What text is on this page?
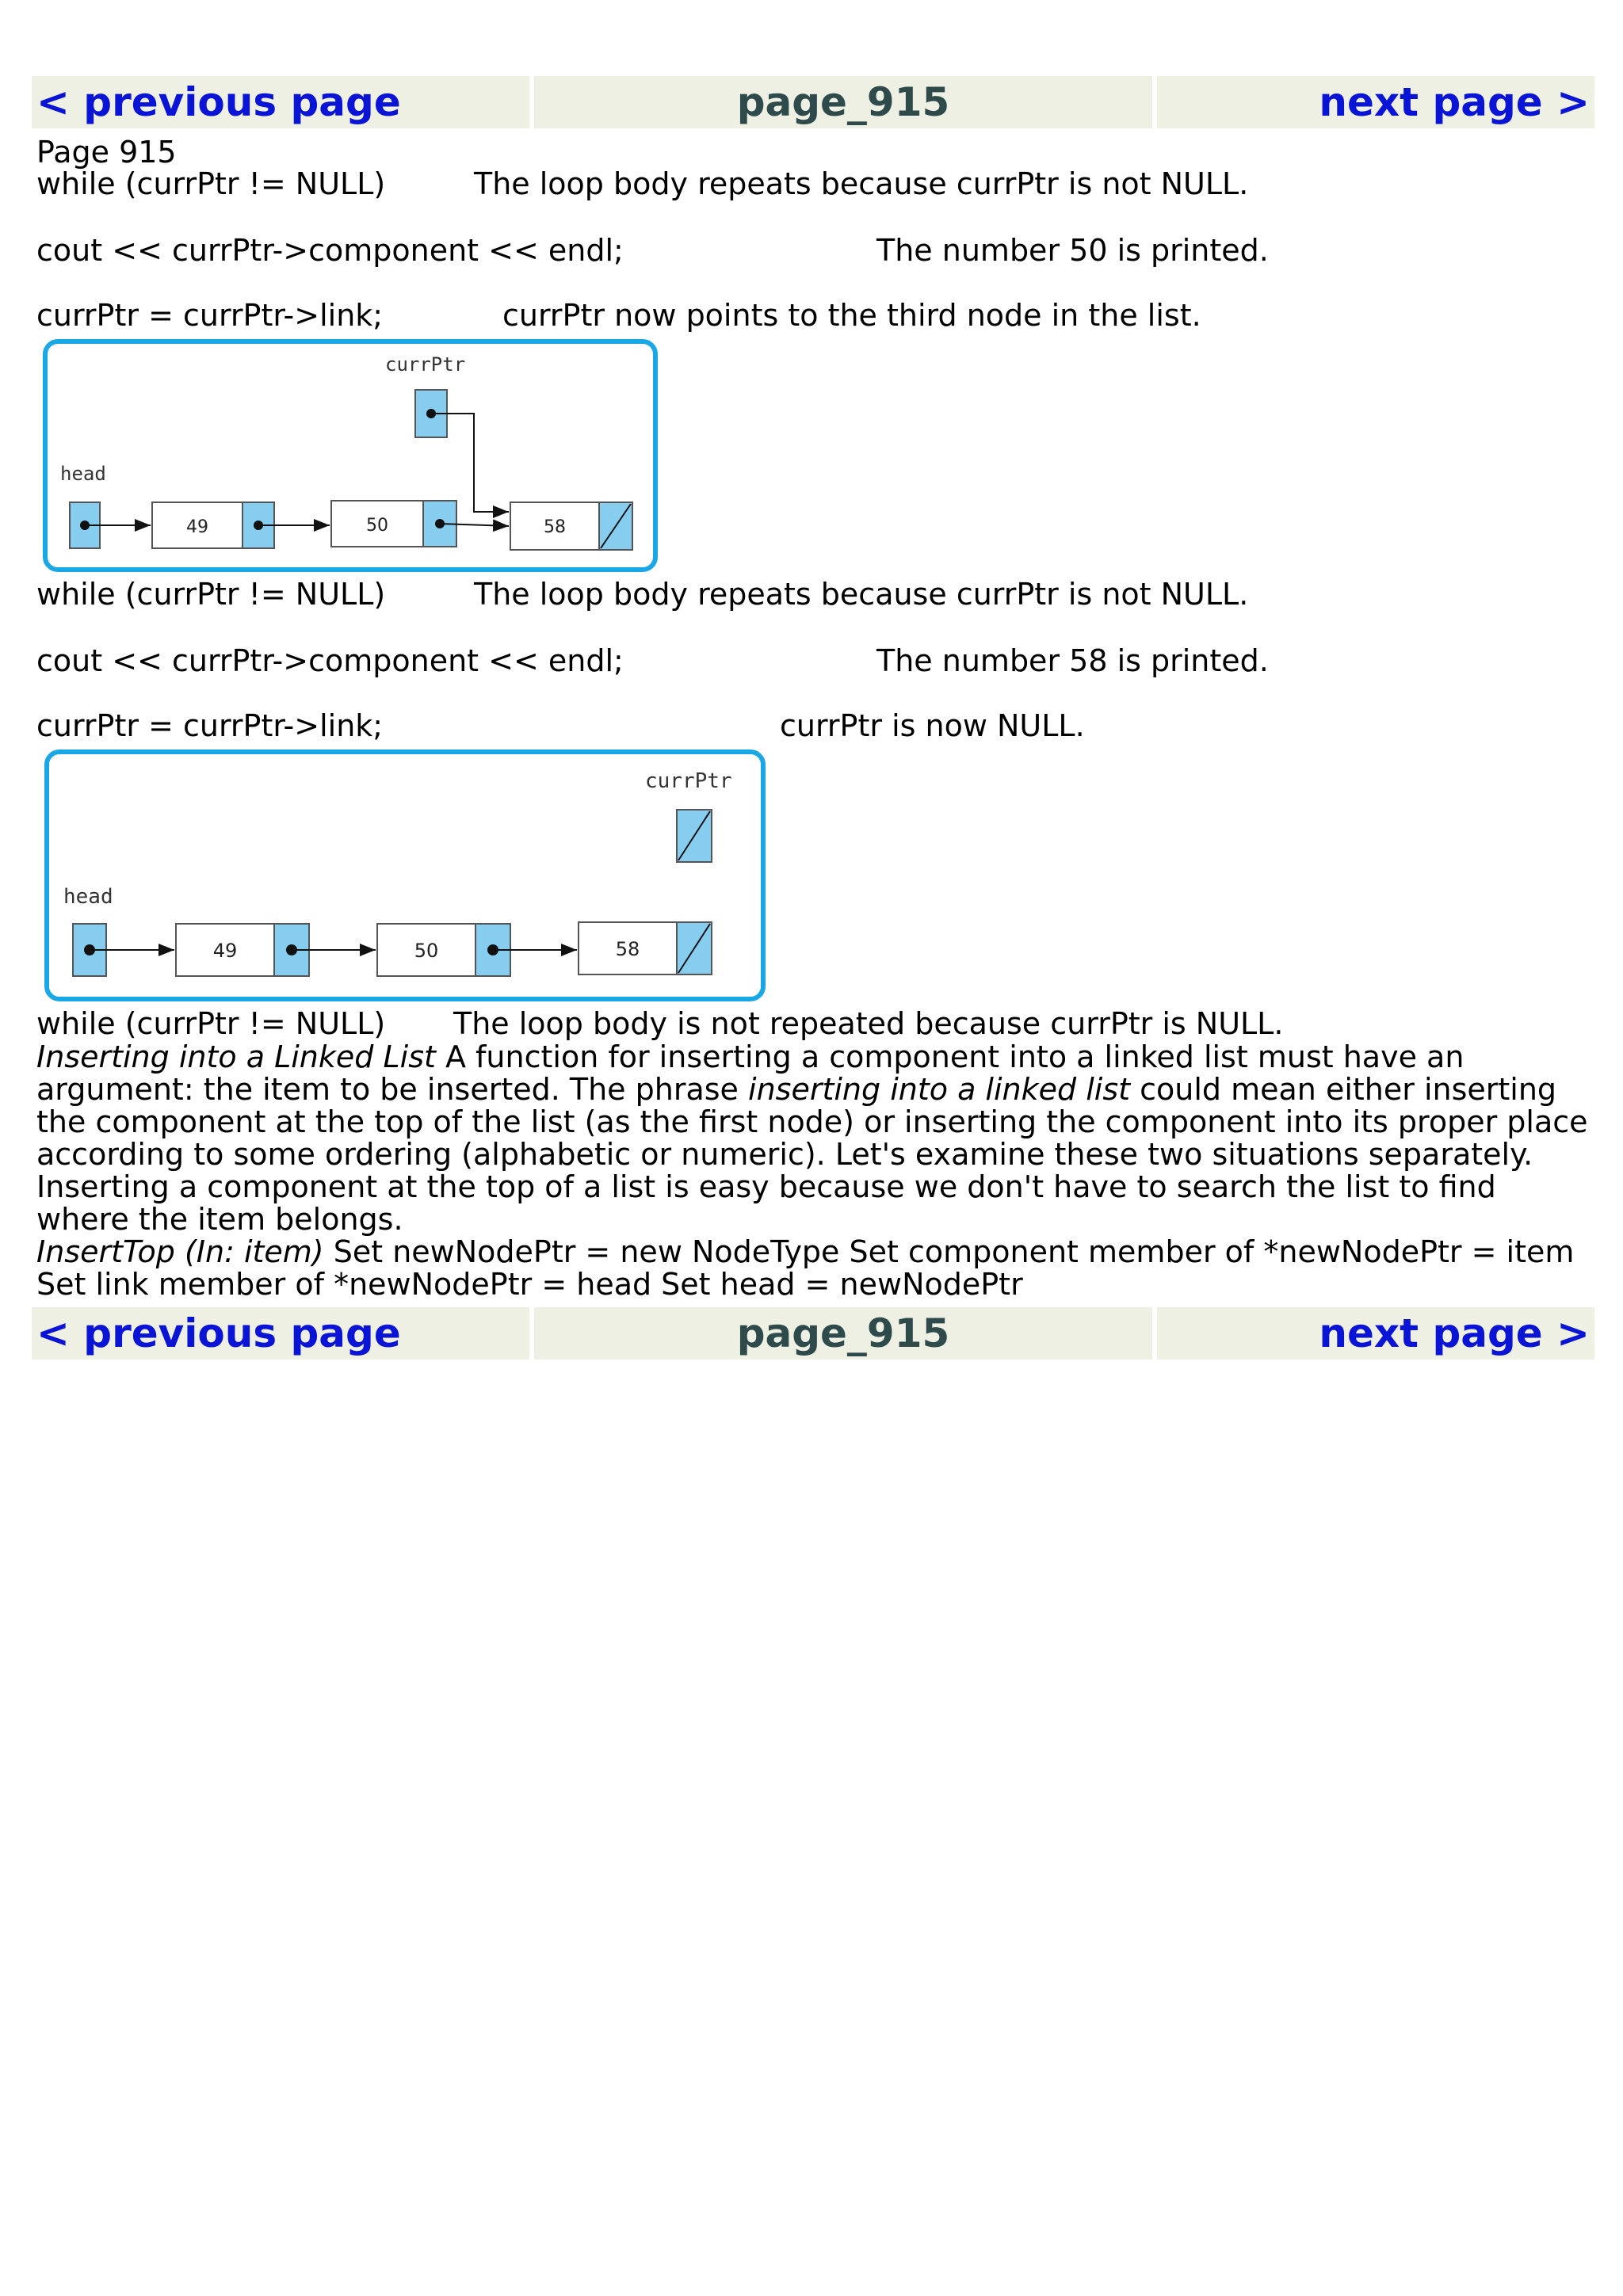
< previous page	page_915	next page >
Page 915
while (currPtr != NULL)	The loop body repeats because currPtr is not NULL.
cout << currPtr->component << endl;	The number 50 is printed.
currPtr = currPtr->link;	currPtr now points to the third node in the list.
currPtr
head
49	50	58
while (currPtr != NULL)	The loop body repeats because currPtr is not NULL.
cout << currPtr->component << endl;	The number 58 is printed.
currPtr = currPtr->link;	currPtr is now NULL.
currPtr
head
49	50	58
while (currPtr != NULL) The loop body is not repeated because currPtr is NULL.
Inserting into a Linked List A function for inserting a component into a linked list must have an argument: the item to be inserted. The phrase inserting into a linked list could mean either inserting the component at the top of the list (as the first node) or inserting the component into its proper place according to some ordering (alphabetic or numeric). Let's examine these two situations separately.
Inserting a component at the top of a list is easy because we don't have to search the list to find where the item belongs.
InsertTop (In: item) Set newNodePtr = new NodeType Set component member of *newNodePtr = item Set link member of *newNodePtr = head Set head = newNodePtr
< previous page	page_915	next page >
